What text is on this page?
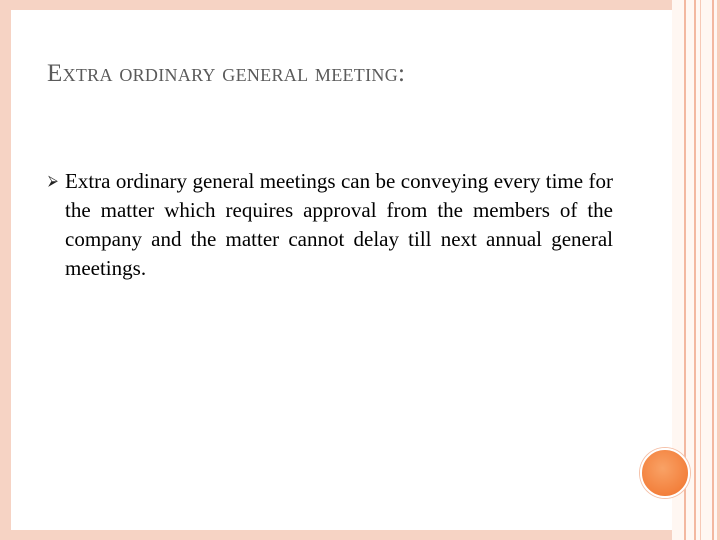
Extra ordinary general meeting:
⮚ Extra ordinary general meetings can be conveying every time for the matter which requires approval from the members of the company and the matter cannot delay till next annual general meetings.
